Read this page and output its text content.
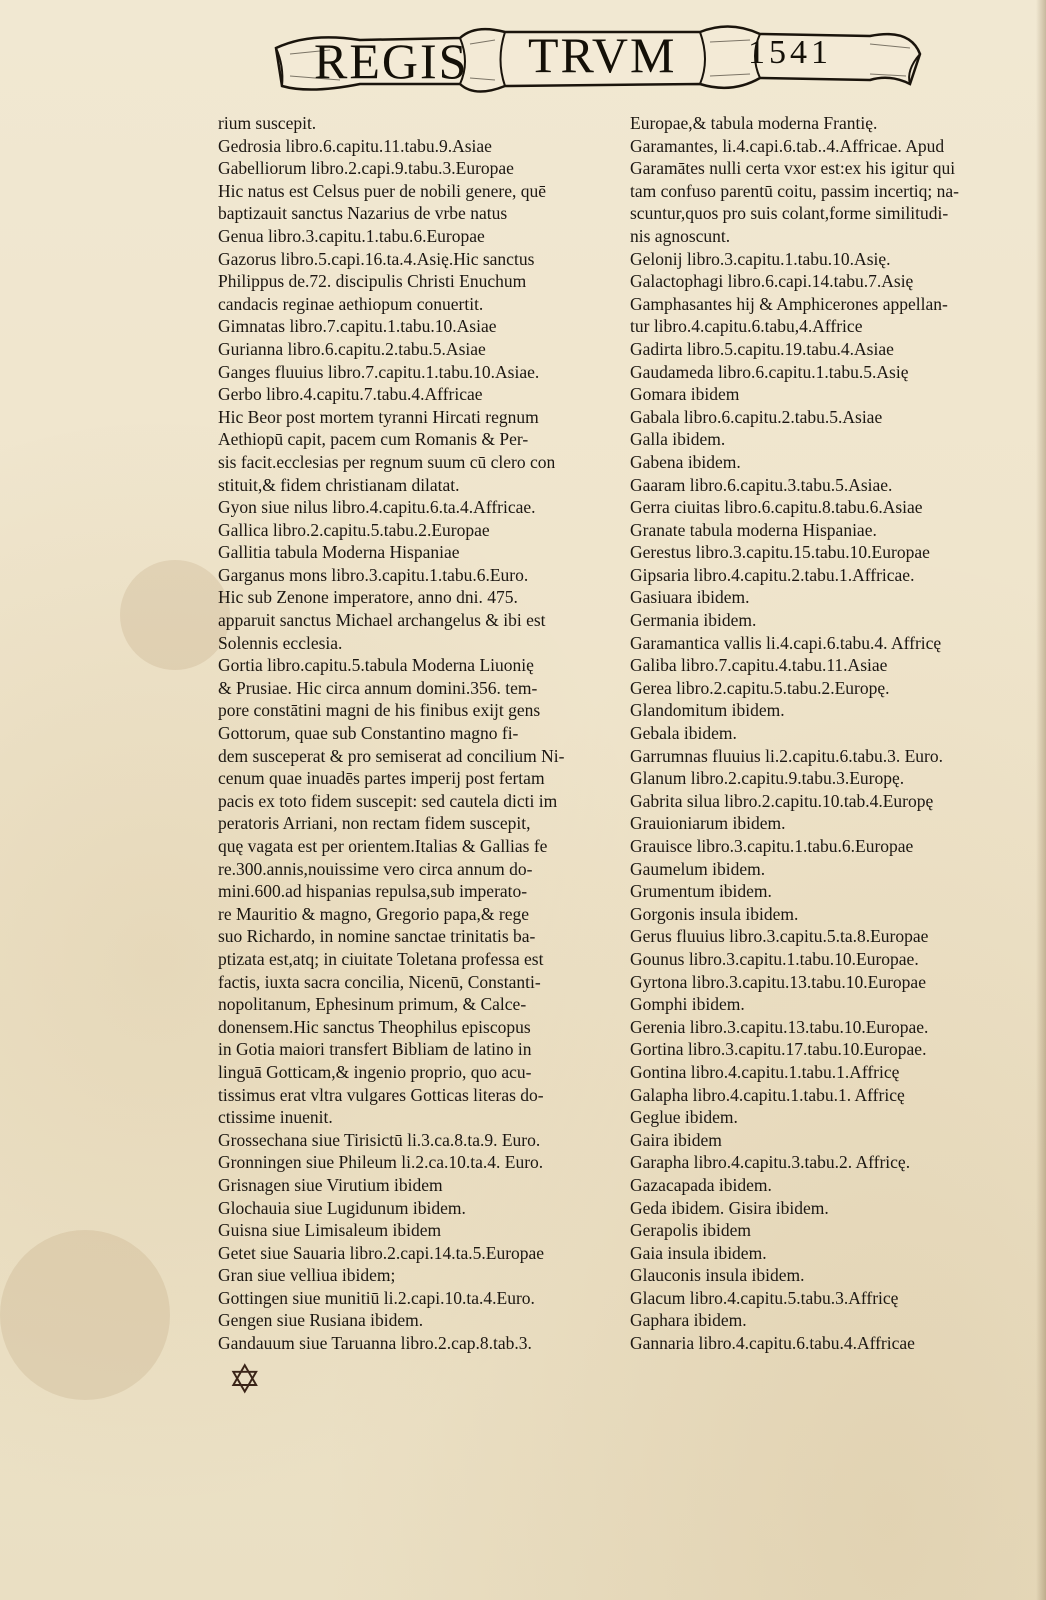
REGIS TRVM 1541
rium suscepit.
Gedrosia libro.6.capitu.11.tabu.9.Asiae
Gabelliorum libro.2.capi.9.tabu.3.Europae
Hic natus est Celsus puer de nobili genere, quē
baptizauit sanctus Nazarius de vrbe natus
Genua libro.3.capitu.1.tabu.6.Europae
Gazorus libro.5.capi.16.ta.4.Asię.Hic sanctus
Philippus de.72. discipulis Christi Enuchum
candacis reginae aethiopum conuertit.
Gimnatas libro.7.capitu.1.tabu.10.Asiae
Gurianna libro.6.capitu.2.tabu.5.Asiae
Ganges fluuius libro.7.capitu.1.tabu.10.Asiae.
Gerbo libro.4.capitu.7.tabu.4.Affricae
Hic Beor post mortem tyranni Hircati regnum
Aethiopū capit, pacem cum Romanis & Per-
sis facit.ecclesias per regnum suum cū clero con
stituit,& fidem christianam dilatat.
Gyon siue nilus libro.4.capitu.6.ta.4.Affricae.
Gallica libro.2.capitu.5.tabu.2.Europae
Gallitia tabula Moderna Hispaniae
Garganus mons libro.3.capitu.1.tabu.6.Euro.
Hic sub Zenone imperatore, anno dni. 475.
apparuit sanctus Michael archangelus & ibi est
Solennis ecclesia.
Gortia libro.capitu.5.tabula Moderna Liuonię
& Prusiae. Hic circa annum domini.356. tem-
pore constātini magni de his finibus exijt gens
Gottorum, quae sub Constantino magno fi-
dem susceperat & pro semiserat ad concilium Ni-
cenum quae inuadēs partes imperij post fertam
pacis ex toto fidem suscepit: sed cautela dicti im
peratoris Arriani, non rectam fidem suscepit,
quę vagata est per orientem.Italias & Gallias fe
re.300.annis,nouissime vero circa annum do-
mini.600.ad hispanias repulsa,sub imperato-
re Mauritio & magno, Gregorio papa,& rege
suo Richardo, in nomine sanctae trinitatis ba-
ptizata est,atq; in ciuitate Toletana professa est
factis, iuxta sacra concilia, Nicenū, Constanti-
nopolitanum, Ephesinum primum, & Calce-
donensem.Hic sanctus Theophilus episcopus
in Gotia maiori transfert Bibliam de latino in
linguā Gotticam,& ingenio proprio, quo acu-
tissimus erat vltra vulgares Gotticas literas do-
ctissime inuenit.
Grossechana siue Tirisictū li.3.ca.8.ta.9. Euro.
Gronningen siue Phileum li.2.ca.10.ta.4. Euro.
Grisnagen siue Virutium ibidem
Glochauia siue Lugidunum ibidem.
Guisna siue Limisaleum ibidem
Getet siue Sauaria libro.2.capi.14.ta.5.Europae
Gran siue velliua ibidem;
Gottingen siue munitiū li.2.capi.10.ta.4.Euro.
Gengen siue Rusiana ibidem.
Gandauum siue Taruanna libro.2.cap.8.tab.3.
Europae,& tabula moderna Frantię.
Garamantes, li.4.capi.6.tab..4.Affricae. Apud
Garamātes nulli certa vxor est:ex his igitur qui
tam confuso parentū coitu, passim incertiq; na-
scuntur,quos pro suis colant,forme similitudi-
nis agnoscunt.
Gelonij libro.3.capitu.1.tabu.10.Asię.
Galactophagi libro.6.capi.14.tabu.7.Asię
Gamphasantes hij & Amphicerones appellan-
tur libro.4.capitu.6.tabu,4.Affrice
Gadirta libro.5.capitu.19.tabu.4.Asiae
Gaudameda libro.6.capitu.1.tabu.5.Asię
Gomara ibidem
Gabala libro.6.capitu.2.tabu.5.Asiae
Galla ibidem.
Gabena ibidem.
Gaaram libro.6.capitu.3.tabu.5.Asiae.
Gerra ciuitas libro.6.capitu.8.tabu.6.Asiae
Granate tabula moderna Hispaniae.
Gerestus libro.3.capitu.15.tabu.10.Europae
Gipsaria libro.4.capitu.2.tabu.1.Affricae.
Gasiuara ibidem.
Germania ibidem.
Garamantica vallis li.4.capi.6.tabu.4. Affricę
Galiba libro.7.capitu.4.tabu.11.Asiae
Gerea libro.2.capitu.5.tabu.2.Europę.
Glandomitum ibidem.
Gebala ibidem.
Garrumnas fluuius li.2.capitu.6.tabu.3. Euro.
Glanum libro.2.capitu.9.tabu.3.Europę.
Gabrita silua libro.2.capitu.10.tab.4.Europę
Grauioniarum ibidem.
Grauisce libro.3.capitu.1.tabu.6.Europae
Gaumelum ibidem.
Grumentum ibidem.
Gorgonis insula ibidem.
Gerus fluuius libro.3.capitu.5.ta.8.Europae
Gounus libro.3.capitu.1.tabu.10.Europae.
Gyrtona libro.3.capitu.13.tabu.10.Europae
Gomphi ibidem.
Gerenia libro.3.capitu.13.tabu.10.Europae.
Gortina libro.3.capitu.17.tabu.10.Europae.
Gontina libro.4.capitu.1.tabu.1.Affricę
Galapha libro.4.capitu.1.tabu.1. Affricę
Geglue ibidem.
Gaira ibidem
Garapha libro.4.capitu.3.tabu.2. Affricę.
Gazacapada ibidem.
Geda ibidem. Gisira ibidem.
Gerapolis ibidem
Gaia insula ibidem.
Glauconis insula ibidem.
Glacum libro.4.capitu.5.tabu.3.Affricę
Gaphara ibidem.
Gannaria libro.4.capitu.6.tabu.4.Affricae
✡
